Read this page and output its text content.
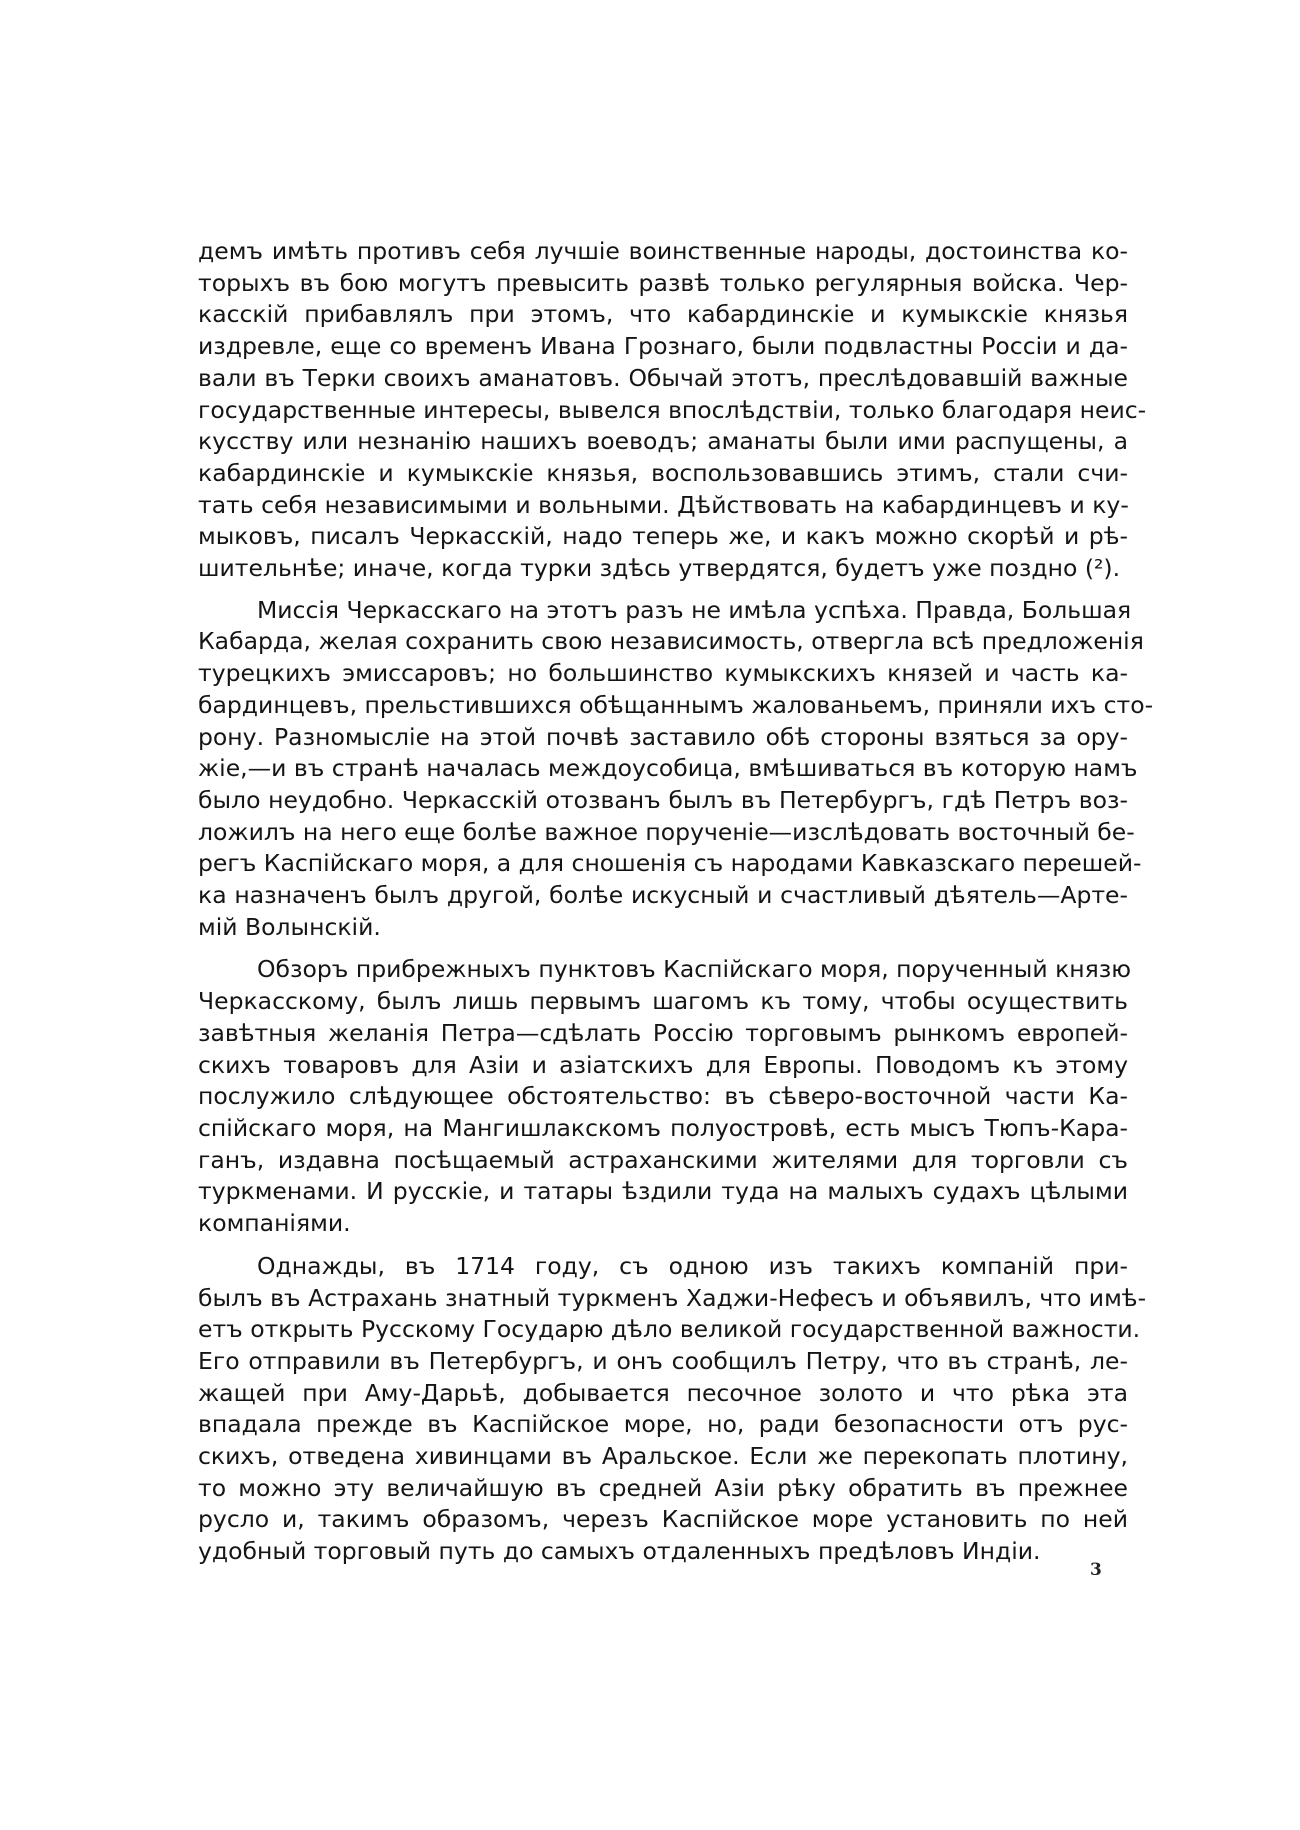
демъ имѣть противъ себя лучшіе воинственные народы, достоинства ко-
торыхъ въ бою могутъ превысить развѣ только регулярныя войска. Чер-
касскій прибавлялъ при этомъ, что кабардинскіе и кумыкскіе князья
издревле, еще со временъ Ивана Грознаго, были подвластны Россіи и да-
вали въ Терки своихъ аманатовъ. Обычай этотъ, преслѣдовавшій важные
государственные интересы, вывелся впослѣдствіи, только благодаря неис-
кусству или незнанію нашихъ воеводъ; аманаты были ими распущены, а
кабардинскіе и кумыкскіе князья, воспользовавшись этимъ, стали счи-
тать себя независимыми и вольными. Дѣйствовать на кабардинцевъ и ку-
мыковъ, писалъ Черкасскій, надо теперь же, и какъ можно скорѣй и рѣ-
шительнѣе; иначе, когда турки здѣсь утвердятся, будетъ уже поздно (²).
Миссія Черкасскаго на этотъ разъ не имѣла успѣха. Правда, Большая
Кабарда, желая сохранить свою независимость, отвергла всѣ предложенія
турецкихъ эмиссаровъ; но большинство кумыкскихъ князей и часть ка-
бардинцевъ, прельстившихся обѣщаннымъ жалованьемъ, приняли ихъ сто-
рону. Разномысліе на этой почвѣ заставило обѣ стороны взяться за ору-
жіе,—и въ странѣ началась междоусобица, вмѣшиваться въ которую намъ
было неудобно. Черкасскій отозванъ былъ въ Петербургъ, гдѣ Петръ воз-
ложилъ на него еще болѣе важное порученіе—изслѣдовать восточный бе-
регъ Каспійскаго моря, а для сношенія съ народами Кавказскаго перешей-
ка назначенъ былъ другой, болѣе искусный и счастливый дѣятель—Арте-
мій Волынскій.
Обзоръ прибрежныхъ пунктовъ Каспійскаго моря, порученный князю
Черкасскому, былъ лишь первымъ шагомъ къ тому, чтобы осуществить
завѣтныя желанія Петра—сдѣлать Россію торговымъ рынкомъ европей-
скихъ товаровъ для Азіи и азіатскихъ для Европы. Поводомъ къ этому
послужило слѣдующее обстоятельство: въ сѣверо-восточной части Ка-
спійскаго моря, на Мангишлакскомъ полуостровѣ, есть мысъ Тюпъ-Кара-
ганъ, издавна посѣщаемый астраханскими жителями для торговли съ
туркменами. И русскіе, и татары ѣздили туда на малыхъ судахъ цѣлыми
компаніями.
Однажды, въ 1714 году, съ одною изъ такихъ компаній при-
былъ въ Астрахань знатный туркменъ Хаджи-Нефесъ и объявилъ, что имѣ-
етъ открыть Русскому Государю дѣло великой государственной важности.
Его отправили въ Петербургъ, и онъ сообщилъ Петру, что въ странѣ, ле-
жащей при Аму-Дарьѣ, добывается песочное золото и что рѣка эта
впадала прежде въ Каспійское море, но, ради безопасности отъ рус-
скихъ, отведена хивинцами въ Аральское. Если же перекопать плотину,
то можно эту величайшую въ средней Азіи рѣку обратить въ прежнее
русло и, такимъ образомъ, черезъ Каспійское море установить по ней
удобный торговый путь до самыхъ отдаленныхъ предѣловъ Индіи.
3
